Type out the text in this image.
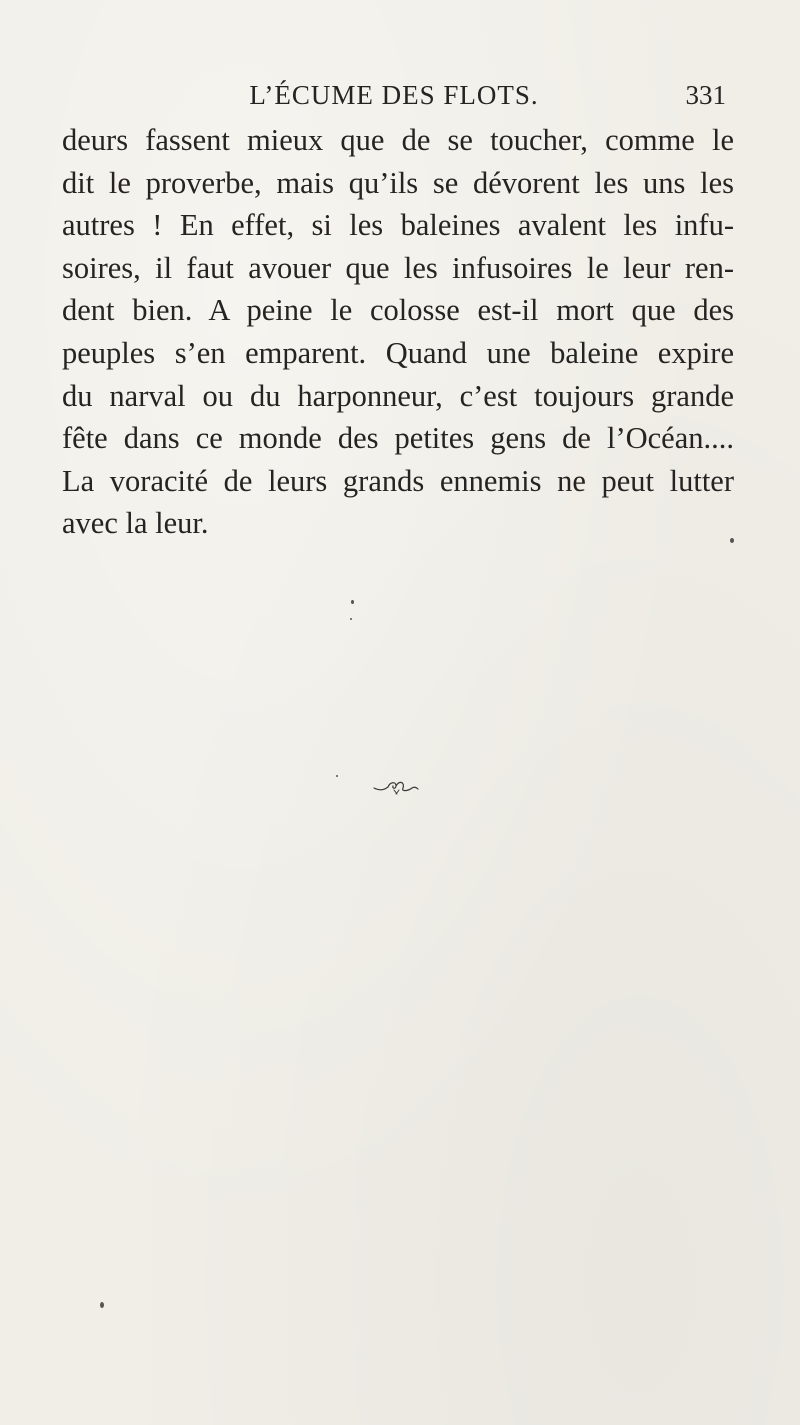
L’ÉCUME DES FLOTS.	331
deurs fassent mieux que de se toucher, comme le
dit le proverbe, mais qu’ils se dévorent les uns les
autres ! En effet, si les baleines avalent les infu-
soires, il faut avouer que les infusoires le leur ren-
dent bien. A peine le colosse est-il mort que des
peuples s’en emparent. Quand une baleine expire
du narval ou du harponneur, c’est toujours grande
fête dans ce monde des petites gens de l’Océan....
La voracité de leurs grands ennemis ne peut lutter
avec la leur.
